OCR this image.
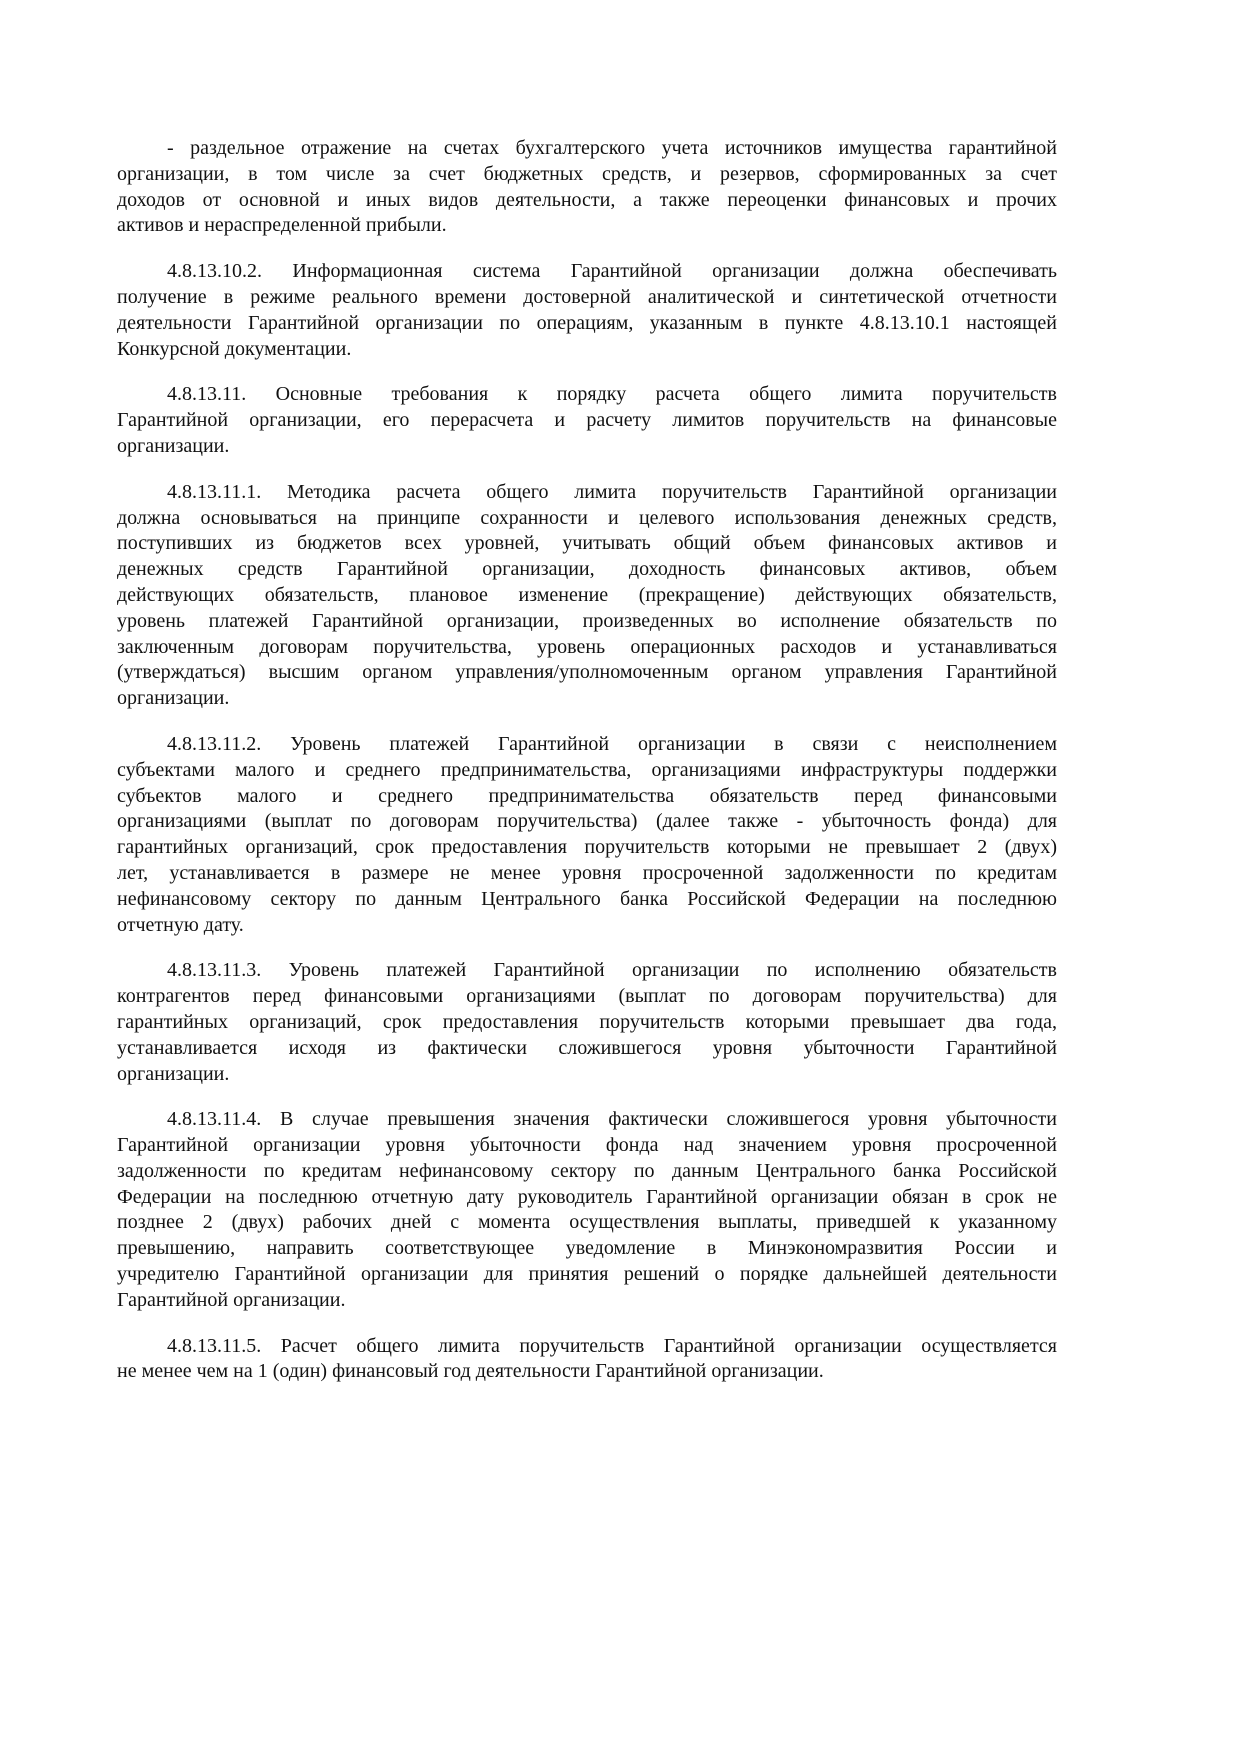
- раздельное отражение на счетах бухгалтерского учета источников имущества гарантийной
организации, в том числе за счет бюджетных средств, и резервов, сформированных за счет
доходов от основной и иных видов деятельности, а также переоценки финансовых и прочих
активов и нераспределенной прибыли.
4.8.13.10.2. Информационная система Гарантийной организации должна обеспечивать
получение в режиме реального времени достоверной аналитической и синтетической отчетности
деятельности Гарантийной организации по операциям, указанным в пункте 4.8.13.10.1 настоящей
Конкурсной документации.
4.8.13.11. Основные требования к порядку расчета общего лимита поручительств
Гарантийной организации, его перерасчета и расчету лимитов поручительств на финансовые
организации.
4.8.13.11.1. Методика расчета общего лимита поручительств Гарантийной организации
должна основываться на принципе сохранности и целевого использования денежных средств,
поступивших из бюджетов всех уровней, учитывать общий объем финансовых активов и
денежных средств Гарантийной организации, доходность финансовых активов, объем
действующих обязательств, плановое изменение (прекращение) действующих обязательств,
уровень платежей Гарантийной организации, произведенных во исполнение обязательств по
заключенным договорам поручительства, уровень операционных расходов и устанавливаться
(утверждаться) высшим органом управления/уполномоченным органом управления Гарантийной
организации.
4.8.13.11.2. Уровень платежей Гарантийной организации в связи с неисполнением
субъектами малого и среднего предпринимательства, организациями инфраструктуры поддержки
субъектов малого и среднего предпринимательства обязательств перед финансовыми
организациями (выплат по договорам поручительства) (далее также - убыточность фонда) для
гарантийных организаций, срок предоставления поручительств которыми не превышает 2 (двух)
лет, устанавливается в размере не менее уровня просроченной задолженности по кредитам
нефинансовому сектору по данным Центрального банка Российской Федерации на последнюю
отчетную дату.
4.8.13.11.3. Уровень платежей Гарантийной организации по исполнению обязательств
контрагентов перед финансовыми организациями (выплат по договорам поручительства) для
гарантийных организаций, срок предоставления поручительств которыми превышает два года,
устанавливается исходя из фактически сложившегося уровня убыточности Гарантийной
организации.
4.8.13.11.4. В случае превышения значения фактически сложившегося уровня убыточности
Гарантийной организации уровня убыточности фонда над значением уровня просроченной
задолженности по кредитам нефинансовому сектору по данным Центрального банка Российской
Федерации на последнюю отчетную дату руководитель Гарантийной организации обязан в срок не
позднее 2 (двух) рабочих дней с момента осуществления выплаты, приведшей к указанному
превышению, направить соответствующее уведомление в Минэкономразвития России и
учредителю Гарантийной организации для принятия решений о порядке дальнейшей деятельности
Гарантийной организации.
4.8.13.11.5. Расчет общего лимита поручительств Гарантийной организации осуществляется
не менее чем на 1 (один) финансовый год деятельности Гарантийной организации.
